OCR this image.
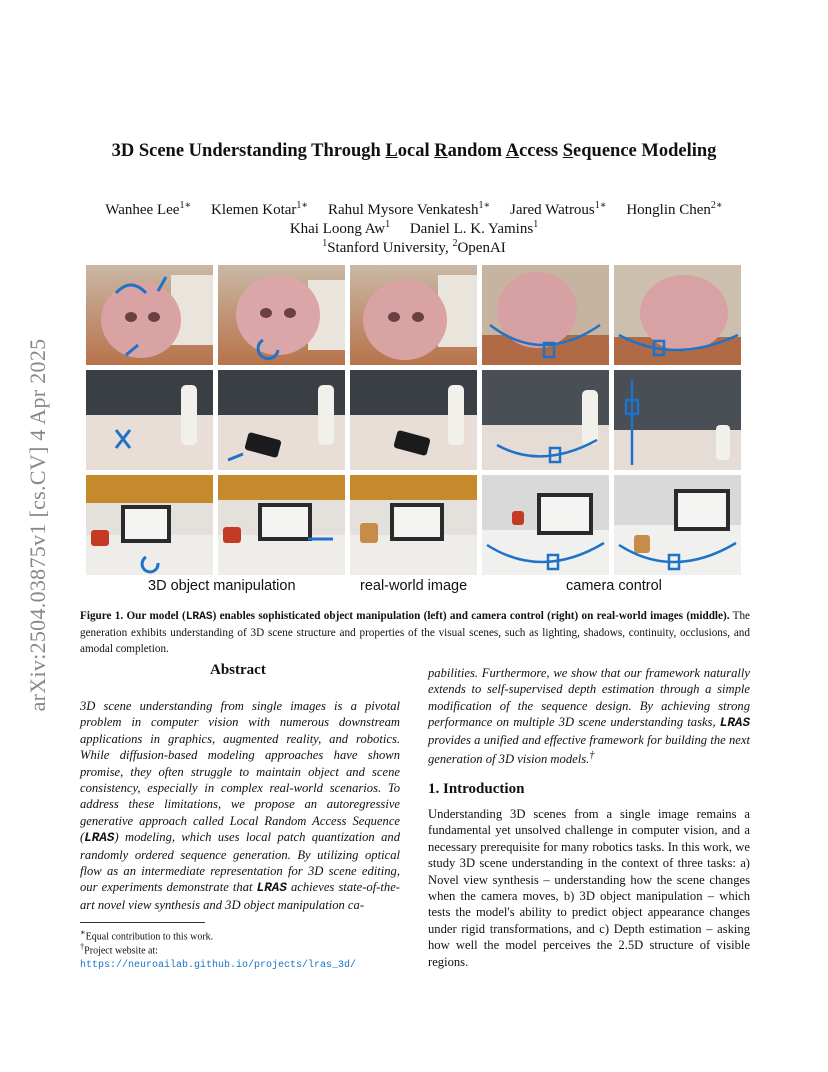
arXiv:2504.03875v1 [cs.CV] 4 Apr 2025
3D Scene Understanding Through Local Random Access Sequence Modeling
Wanhee Lee$^{1∗}$ Klemen Kotar$^{1∗}$ Rahul Mysore Venkatesh$^{1∗}$ Jared Watrous$^{1∗}$ Honglin Chen$^{2∗}$
Khai Loong Aw$^1$ Daniel L. K. Yamins$^1$
$^1$Stanford University, $^2$OpenAI
3D object manipulation	real-world image	camera control
Figure 1. Our model (LRAS) enables sophisticated object manipulation (left) and camera control (right) on real-world images (middle). The generation exhibits understanding of 3D scene structure and properties of the visual scenes, such as lighting, shadows, continuity, occlusions, and amodal completion.
Abstract
3D scene understanding from single images is a pivotal problem in computer vision with numerous downstream applications in graphics, augmented reality, and robotics. While diffusion-based modeling approaches have shown promise, they often struggle to maintain object and scene consistency, especially in complex real-world scenarios. To address these limitations, we propose an autoregressive generative approach called Local Random Access Sequence (LRAS) modeling, which uses local patch quantization and randomly ordered sequence generation. By utilizing optical flow as an intermediate representation for 3D scene editing, our experiments demonstrate that LRAS achieves state-of-the-art novel view synthesis and 3D object manipulation ca-
∗Equal contribution to this work.
†Project website at: https://neuroailab.github.io/projects/lras_3d/
pabilities. Furthermore, we show that our framework naturally extends to self-supervised depth estimation through a simple modification of the sequence design. By achieving strong performance on multiple 3D scene understanding tasks, LRAS provides a unified and effective framework for building the next generation of 3D vision models.†
1. Introduction
Understanding 3D scenes from a single image remains a fundamental yet unsolved challenge in computer vision, and a necessary prerequisite for many robotics tasks. In this work, we study 3D scene understanding in the context of three tasks: a) Novel view synthesis – understanding how the scene changes when the camera moves, b) 3D object manipulation – which tests the model's ability to predict object appearance changes under rigid transformations, and c) Depth estimation – asking how well the model perceives the 2.5D structure of visible regions.
